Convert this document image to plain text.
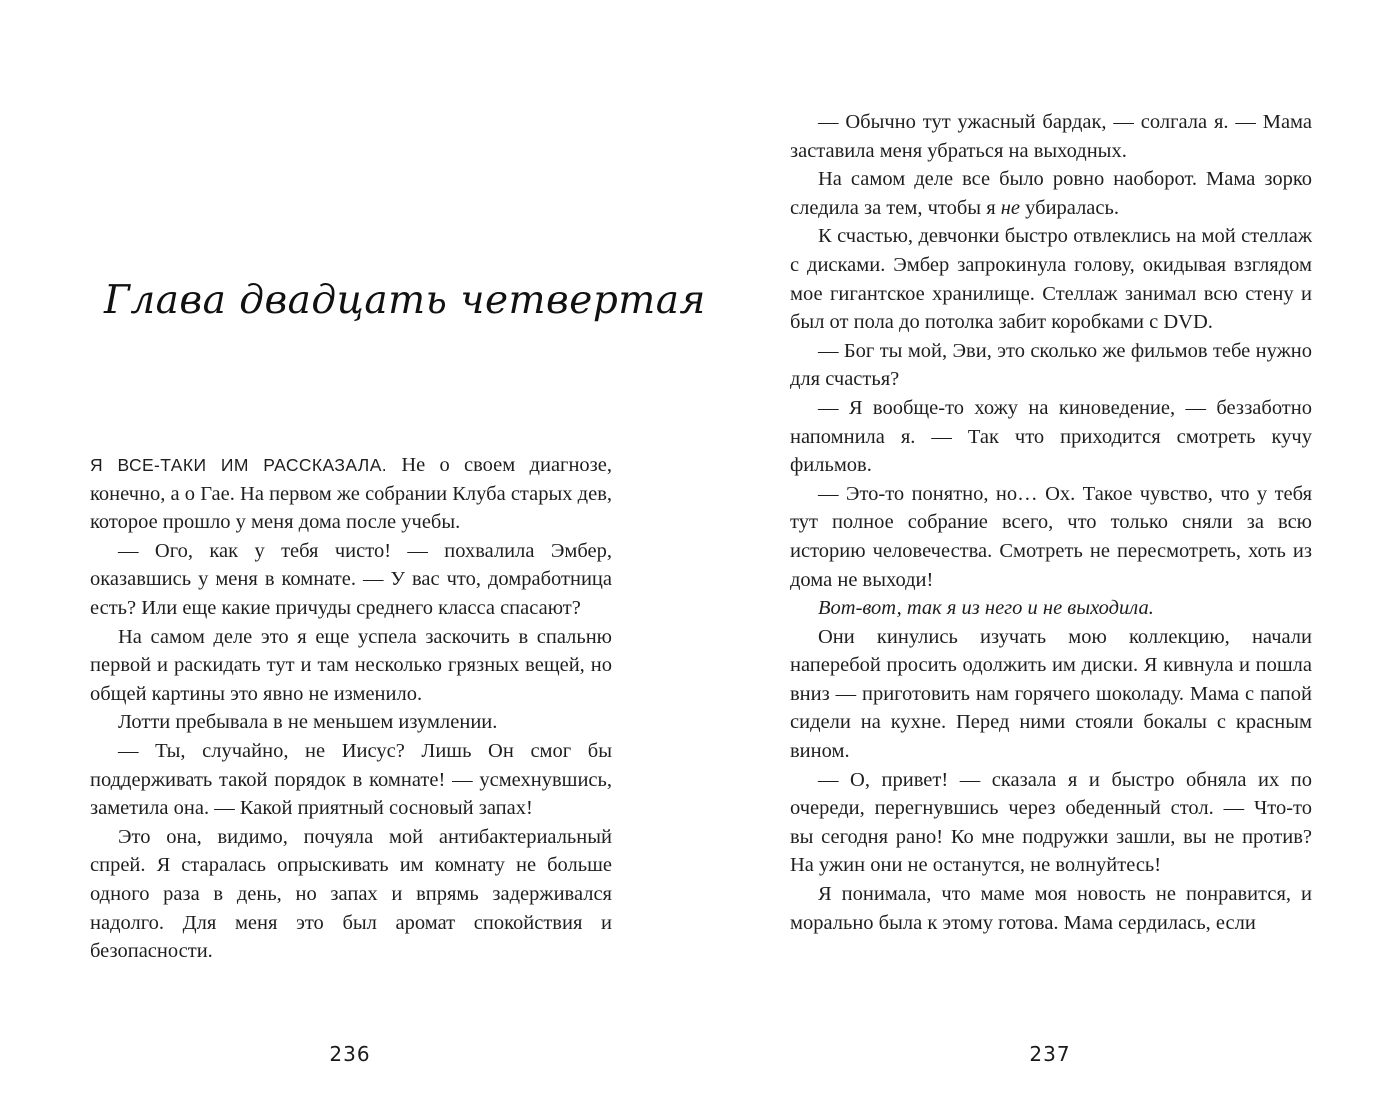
Глава двадцать четвертая

Я ВСЕ-ТАКИ ИМ РАССКАЗАЛА. Не о своем диагнозе, конечно, а о Гае. На первом же собрании Клуба старых дев, которое прошло у меня дома после учебы.

— Ого, как у тебя чисто! — похвалила Эмбер, оказавшись у меня в комнате. — У вас что, домработница есть? Или еще какие причуды среднего класса спасают?

На самом деле это я еще успела заскочить в спальню первой и раскидать тут и там несколько грязных вещей, но общей картины это явно не изменило.

Лотти пребывала в не меньшем изумлении.

— Ты, случайно, не Иисус? Лишь Он смог бы поддерживать такой порядок в комнате! — усмехнувшись, заметила она. — Какой приятный сосновый запах!

Это она, видимо, почуяла мой антибактериальный спрей. Я старалась опрыскивать им комнату не больше одного раза в день, но запах и впрямь задерживался надолго. Для меня это был аромат спокойствия и безопасности.

236

— Обычно тут ужасный бардак, — солгала я. — Мама заставила меня убраться на выходных.

На самом деле все было ровно наоборот. Мама зорко следила за тем, чтобы я не убиралась.

К счастью, девчонки быстро отвлеклись на мой стеллаж с дисками. Эмбер запрокинула голову, окидывая взглядом мое гигантское хранилище. Стеллаж занимал всю стену и был от пола до потолка забит коробками с DVD.

— Бог ты мой, Эви, это сколько же фильмов тебе нужно для счастья?

— Я вообще-то хожу на киноведение, — беззаботно напомнила я. — Так что приходится смотреть кучу фильмов.

— Это-то понятно, но… Ох. Такое чувство, что у тебя тут полное собрание всего, что только сняли за всю историю человечества. Смотреть не пересмотреть, хоть из дома не выходи!

Вот-вот, так я из него и не выходила.

Они кинулись изучать мою коллекцию, начали наперебой просить одолжить им диски. Я кивнула и пошла вниз — приготовить нам горячего шоколаду. Мама с папой сидели на кухне. Перед ними стояли бокалы с красным вином.

— О, привет! — сказала я и быстро обняла их по очереди, перегнувшись через обеденный стол. — Что-то вы сегодня рано! Ко мне подружки зашли, вы не против? На ужин они не останутся, не волнуйтесь!

Я понимала, что маме моя новость не понравится, и морально была к этому готова. Мама сердилась, если

237
